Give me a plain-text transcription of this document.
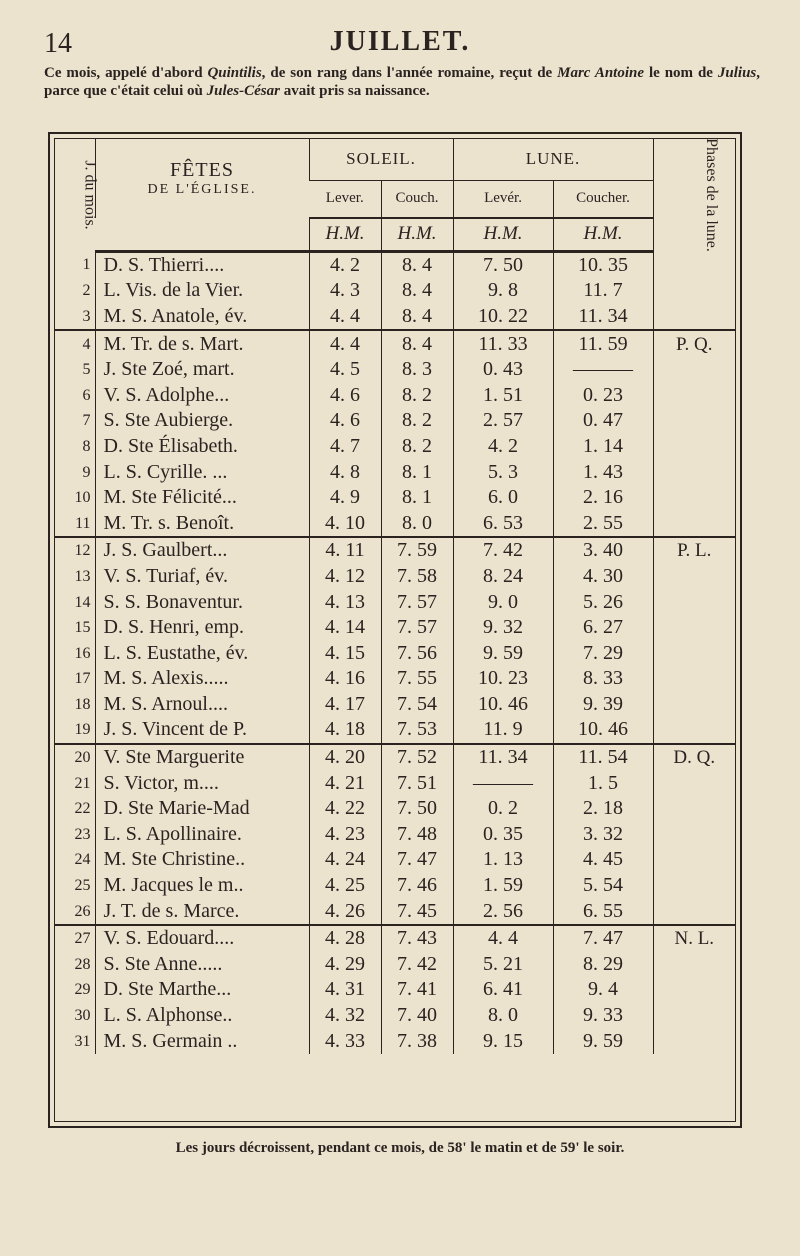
14	JUILLET.
Ce mois, appelé d'abord Quintilis, de son rang dans l'année romaine, reçut de Marc Antoine le nom de Julius, parce que c'était celui où Jules-César avait pris sa naissance.
J. du mois.	FÊTES
DE L'ÉGLISE.	SOLEIL.		LUNE.		Phases de la lune.
		Lever.	Couch.	Levér.	Coucher.	
		H.M.	H.M.	H.M.	H.M.	
1	D. S. Thierri....	4. 2	8. 4	7. 50	10. 35	
2	L. Vis. de la Vier.	4. 3	8. 4	9. 8	11. 7	
3	M. S. Anatole, év.	4. 4	8. 4	10. 22	11. 34	
4	M. Tr. de s. Mart.	4. 4	8. 4	11. 33	11. 59	P. Q.
5	J. Ste Zoé, mart.	4. 5	8. 3	0. 43	———	
6	V. S. Adolphe...	4. 6	8. 2	1. 51	0. 23	
7	S. Ste Aubierge.	4. 6	8. 2	2. 57	0. 47	
8	D. Ste Élisabeth.	4. 7	8. 2	4. 2	1. 14	
9	L. S. Cyrille. ...	4. 8	8. 1	5. 3	1. 43	
10	M. Ste Félicité...	4. 9	8. 1	6. 0	2. 16	
11	M. Tr. s. Benoît.	4. 10	8. 0	6. 53	2. 55	
12	J. S. Gaulbert...	4. 11	7. 59	7. 42	3. 40	P. L.
13	V. S. Turiaf, év.	4. 12	7. 58	8. 24	4. 30	
14	S. S. Bonaventur.	4. 13	7. 57	9. 0	5. 26	
15	D. S. Henri, emp.	4. 14	7. 57	9. 32	6. 27	
16	L. S. Eustathe, év.	4. 15	7. 56	9. 59	7. 29	
17	M. S. Alexis.....	4. 16	7. 55	10. 23	8. 33	
18	M. S. Arnoul....	4. 17	7. 54	10. 46	9. 39	
19	J. S. Vincent de P.	4. 18	7. 53	11. 9	10. 46	
20	V. Ste Marguerite	4. 20	7. 52	11. 34	11. 54	D. Q.
21	S. Victor, m....	4. 21	7. 51	———	1. 5	
22	D. Ste Marie-Mad	4. 22	7. 50	0. 2	2. 18	
23	L. S. Apollinaire.	4. 23	7. 48	0. 35	3. 32	
24	M. Ste Christine..	4. 24	7. 47	1. 13	4. 45	
25	M. Jacques le m..	4. 25	7. 46	1. 59	5. 54	
26	J. T. de s. Marce.	4. 26	7. 45	2. 56	6. 55	
27	V. S. Edouard....	4. 28	7. 43	4. 4	7. 47	N. L.
28	S. Ste Anne.....	4. 29	7. 42	5. 21	8. 29	
29	D. Ste Marthe...	4. 31	7. 41	6. 41	9. 4	
30	L. S. Alphonse..	4. 32	7. 40	8. 0	9. 33	
31	M. S. Germain ..	4. 33	7. 38	9. 15	9. 59	
Les jours décroissent, pendant ce mois, de 58' le matin et de 59' le soir.
